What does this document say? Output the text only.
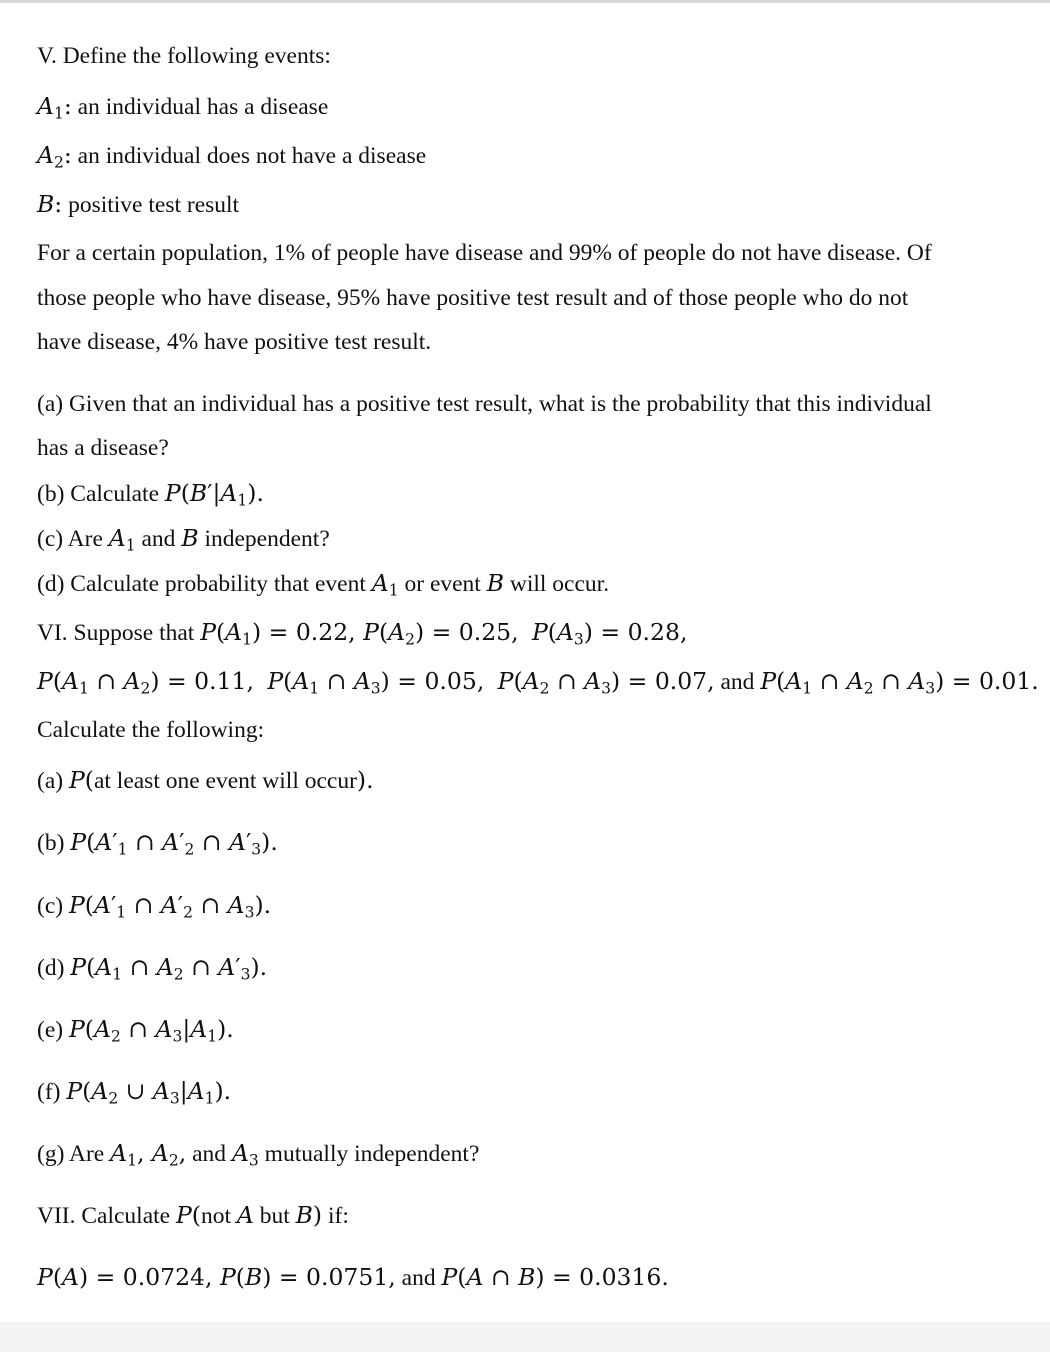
V. Define the following events:
$A_1$: an individual has a disease
$A_2$: an individual does not have a disease
B: positive test result
For a certain population, 1% of people have disease and 99% of people do not have disease. Of
those people who have disease, 95% have positive test result and of those people who do not
have disease, 4% have positive test result.
(a) Given that an individual has a positive test result, what is the probability that this individual
has a disease?
(b) Calculate $P(B'|A_1)$.
(c) Are $A_1$ and B independent?
(d) Calculate probability that event $A_1$ or event B will occur.
VI. Suppose that $P(A_1) = 0.22$, $P(A_2) = 0.25$, $P(A_3) = 0.28$,
$P(A_1$ ∩ $A_2) = 0.11$, $P(A_1$ ∩ $A_3) = 0.05$, $P(A_2$ ∩ $A_3) = 0.07$, and $P(A_1$ ∩ $A_2$ ∩ $A_3) = 0.01$.
Calculate the following:
(a) P(at least one event will occur).
(b) $P(A'_1$ ∩ $A'_2$ ∩ $A'_3$).
(c) $P(A'_1$ ∩ $A'_2$ ∩ $A_3$).
(d) $P(A_1$ ∩ $A_2$ ∩ $A'_3$).
(e) $P(A_2$ ∩ $A_3|A_1$).
(f) $P(A_2$ ∪ $A_3|A_1$).
(g) Are $A_1$, $A_2$, and $A_3$ mutually independent?
VII. Calculate P(not A but B) if:
P(A) = 0.0724, P(B) = 0.0751, and P(A ∩ B) = 0.0316.
